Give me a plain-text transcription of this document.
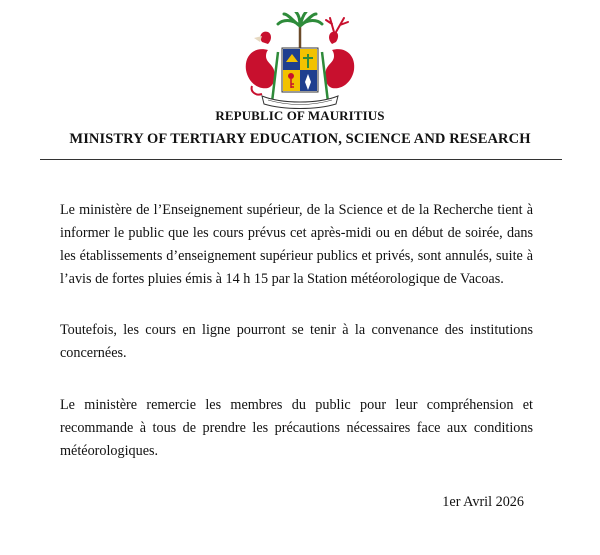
REPUBLIC OF MAURITIUS
MINISTRY OF TERTIARY EDUCATION, SCIENCE AND RESEARCH

Le ministère de l’Enseignement supérieur, de la Science et de la Recherche tient à informer le public que les cours prévus cet après-midi ou en début de soirée, dans les établissements d’enseignement supérieur publics et privés, sont annulés, suite à l’avis de fortes pluies émis à 14 h 15 par la Station météorologique de Vacoas.

Toutefois, les cours en ligne pourront se tenir à la convenance des institutions concernées.

Le ministère remercie les membres du public pour leur compréhension et recommande à tous de prendre les précautions nécessaires face aux conditions météorologiques.

1er Avril 2026
